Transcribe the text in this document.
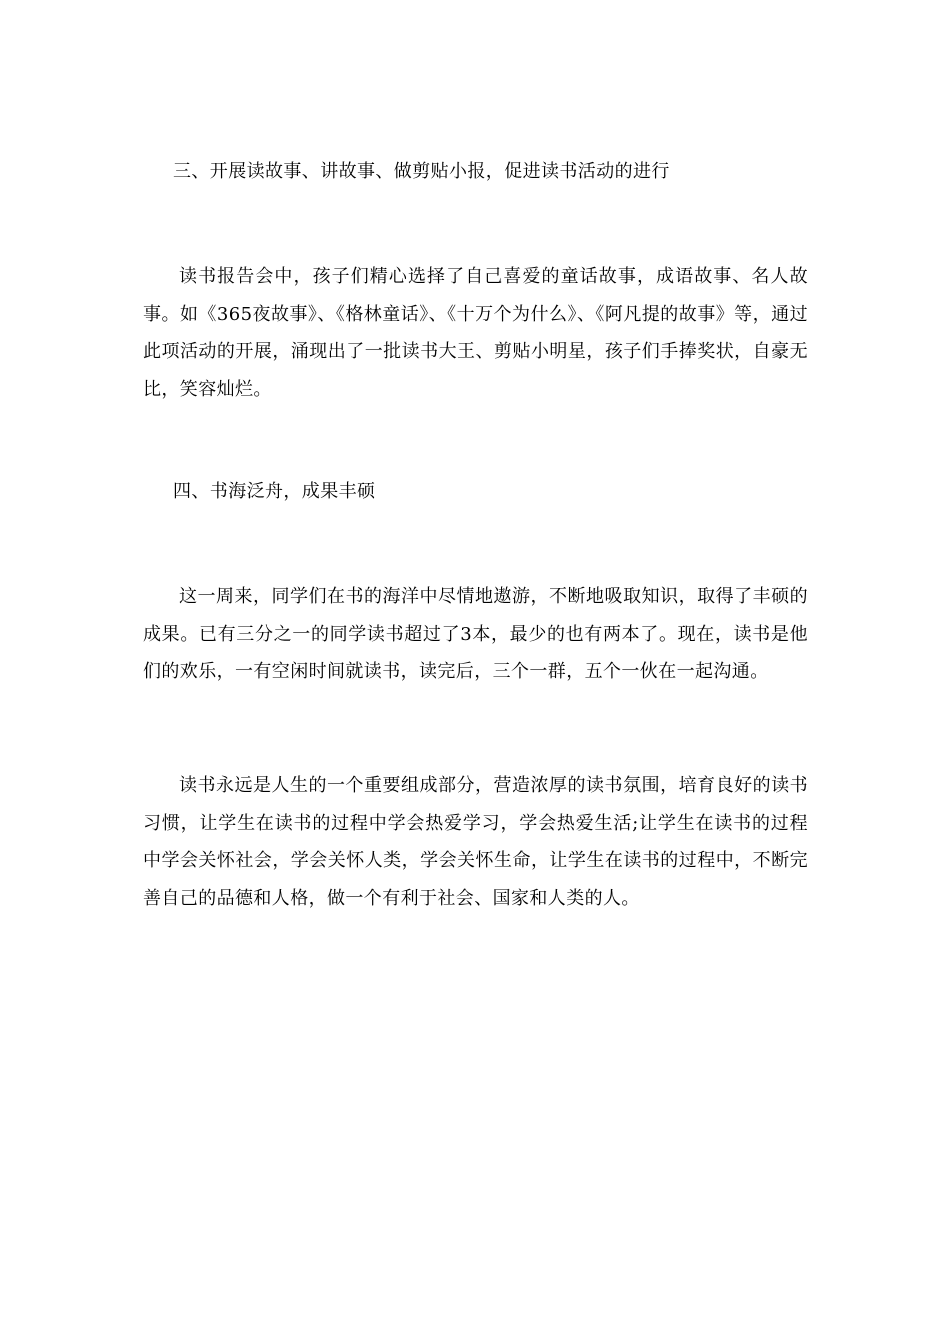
三、开展读故事、讲故事、做剪贴小报，促进读书活动的进行

读书报告会中，孩子们精心选择了自己喜爱的童话故事，成语故事、名人故事。如《365夜故事》、《格林童话》、《十万个为什么》、《阿凡提的故事》等，通过此项活动的开展，涌现出了一批读书大王、剪贴小明星，孩子们手捧奖状，自豪无比，笑容灿烂。

四、书海泛舟，成果丰硕

这一周来，同学们在书的海洋中尽情地遨游，不断地吸取知识，取得了丰硕的成果。已有三分之一的同学读书超过了3本，最少的也有两本了。现在，读书是他们的欢乐，一有空闲时间就读书，读完后，三个一群，五个一伙在一起沟通。

读书永远是人生的一个重要组成部分，营造浓厚的读书氛围，培育良好的读书习惯，让学生在读书的过程中学会热爱学习，学会热爱生活;让学生在读书的过程中学会关怀社会，学会关怀人类，学会关怀生命，让学生在读书的过程中，不断完善自己的品德和人格，做一个有利于社会、国家和人类的人。
